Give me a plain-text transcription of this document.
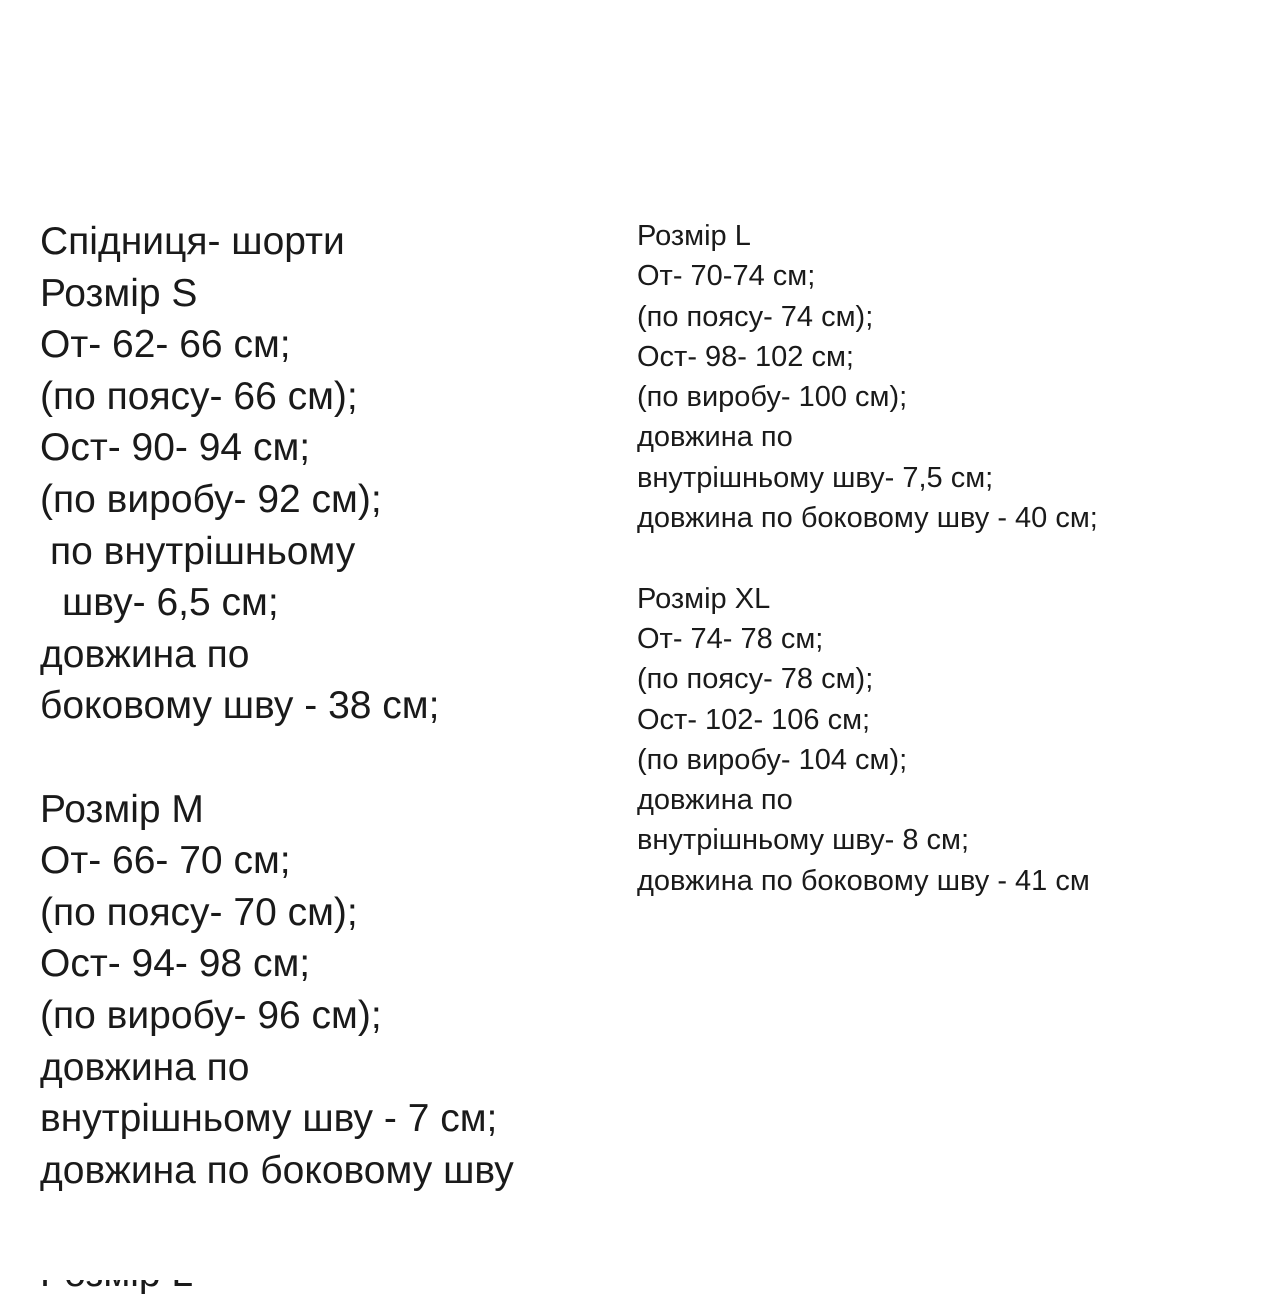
Спідниця- шорти
Розмір S
От- 62- 66 см;
(по поясу- 66 см);
Ост- 90- 94 см;
(по виробу- 92 см);
по внутрішньому
шву- 6,5 см;
довжина по
боковому шву - 38 см;
Розмір M
От- 66- 70 см;
(по поясу- 70 см);
Ост- 94- 98 см;
(по виробу- 96 см);
довжина по
внутрішньому шву - 7 см;
довжина по боковому шву
Розмір L
От- 70-74 см;
(по поясу- 74 см);
Ост- 98- 102 см;
(по виробу- 100 см);
довжина по
внутрішньому шву- 7,5 см;
довжина по боковому шву - 40 см;
Розмір XL
От- 74- 78 см;
(по поясу- 78 см);
Ост- 102- 106 см;
(по виробу- 104 см);
довжина по
внутрішньому шву- 8 см;
довжина по боковому шву - 41 см
